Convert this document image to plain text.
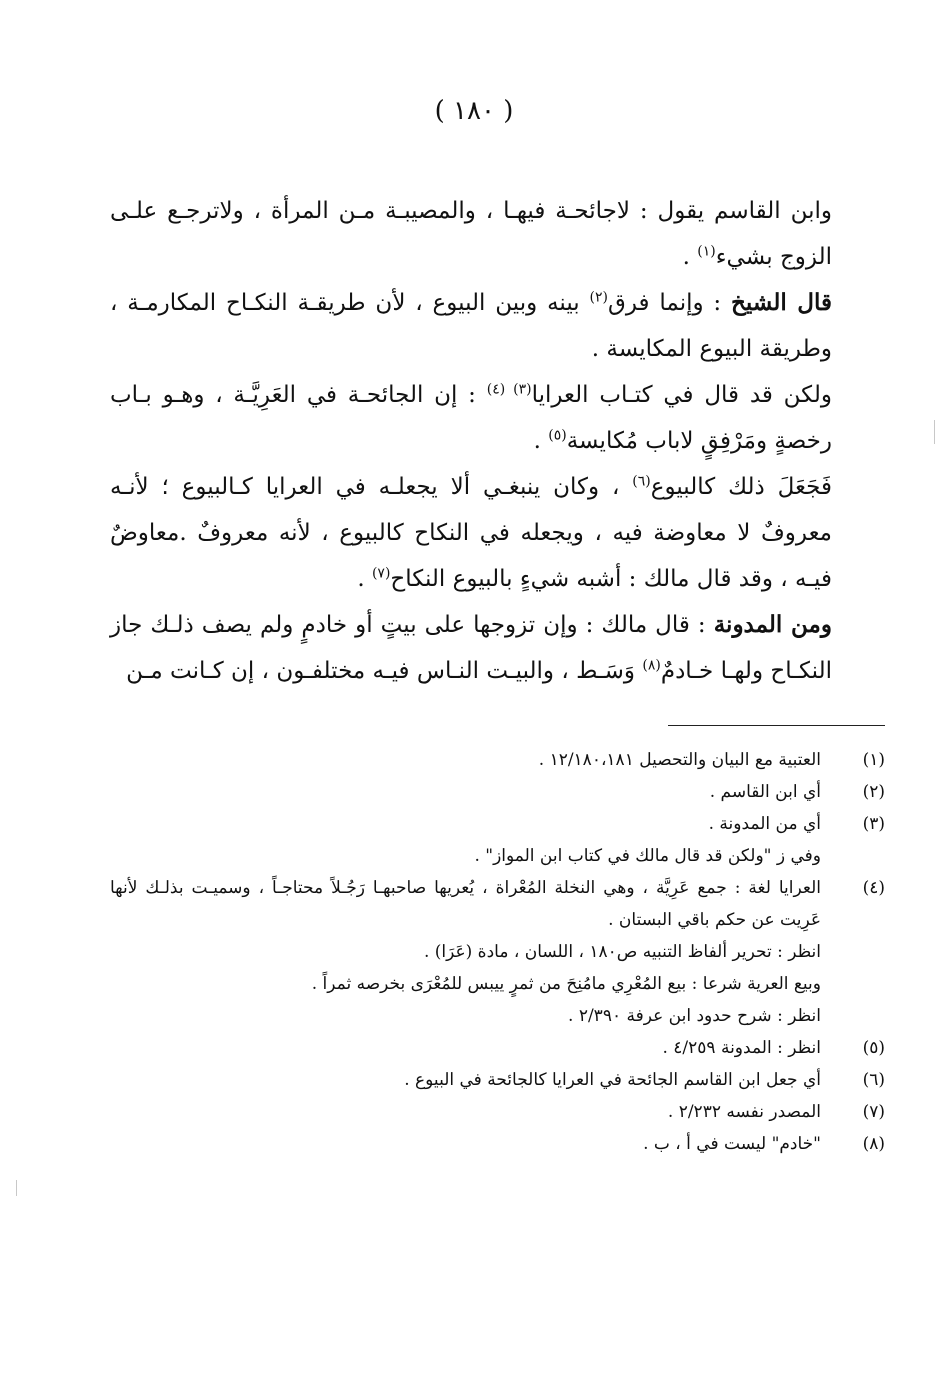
( ١٨٠ )

وابن القاسم يقول : لاجائحـة فيهـا ، والمصيبـة مـن المرأة ، ولاترجـع علـى الزوج بشيء$^{(١)}$ .

قال الشيخ : وإنما فرق$^{(٢)}$ بينه وبين البيوع ، لأن طريقـة النكـاح المكارمـة ، وطريقة البيوع المكايسة .

ولكن قد قال في كتـاب العرايا$^{(٣) (٤)}$ : إن الجائحـة في العَرِيَّـة ، وهـو بـاب رخصةٍ ومَرْفِقٍ لاباب مُكايسة$^{(٥)}$ .

فَجَعَلَ ذلك كالبيوع$^{(٦)}$ ، وكان ينبغـي ألا يجعلـه في العرايا كـالبيوع ؛ لأنـه معروفٌ لا معاوضة فيه ، ويجعله في النكاح كالبيوع ، لأنه معروفٌ .معاوضٌ فيـه ، وقد قال مالك : أشبه شيءٍ بالبيوع النكاح$^{(٧)}$ .

ومن المدونة : قال مالك : وإن تزوجها على بيتٍ أو خادمٍ ولم يصف ذلـك جاز النكـاح ولهـا خـادمٌ$^{(٨)}$ وَسَـط ، والبيـت النـاس فيـه مختلفـون ، إن كـانت مـن

(١)
العتبية مع البيان والتحصيل ١٢/١٨٠،١٨١ .
(٢)
أي ابن القاسم .
(٣)
أي من المدونة .
وفي ز "ولكن قد قال مالك في كتاب ابن المواز" .
(٤)
العرايا لغة : جمع عَرِيَّة ، وهي النخلة المُعْراة ، يُعريها صاحبهـا رَجُـلاً محتاجـاً ، وسميـت بذلـك لأنها عَرِيت عن حكم باقي البستان .
انظر : تحرير ألفاظ التنبيه ص١٨٠ ، اللسان ، مادة (عَرَا) .
وبيع العرية شرعا : بيع المُعْرِي مامُنِحَ من ثمرٍ ييبس للمُعْرَى بخرصه ثمراً .
انظر : شرح حدود ابن عرفة ٢/٣٩٠ .
(٥)
انظر : المدونة ٤/٢٥٩ .
(٦)
أي جعل ابن القاسم الجائحة في العرايا كالجائحة في البيوع .
(٧)
المصدر نفسه ٢/٢٣٢ .
(٨)
"خادم" ليست في أ ، ب .
